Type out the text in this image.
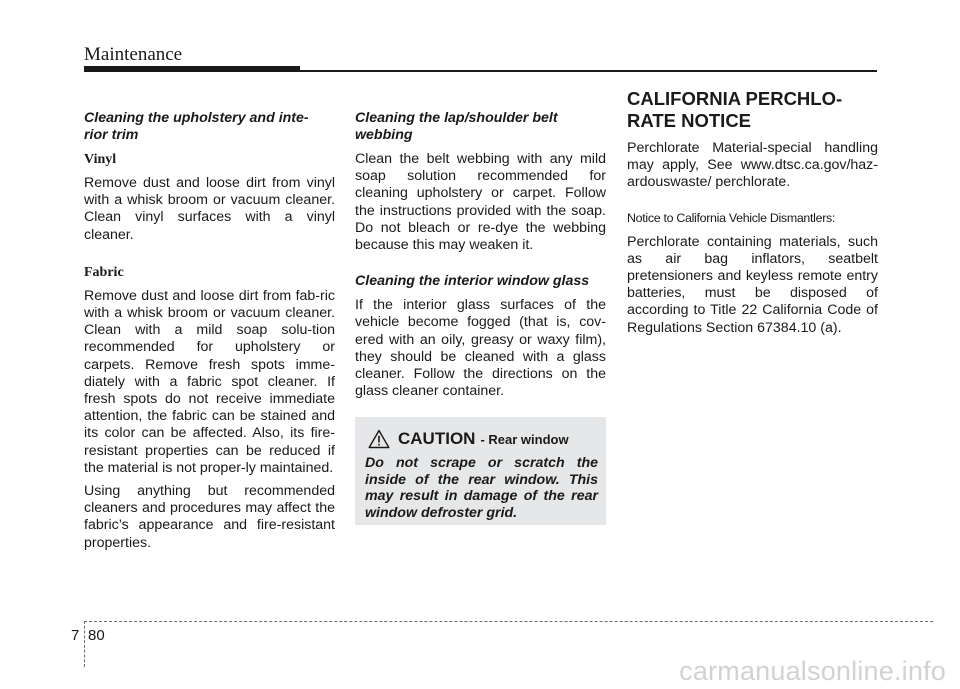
Maintenance
Cleaning the upholstery and inte-
rior trim
Vinyl

Remove dust and loose dirt from vinyl with a whisk broom or vacuum cleaner. Clean vinyl surfaces with a vinyl cleaner.

Fabric

Remove dust and loose dirt from fab-ric with a whisk broom or vacuum cleaner. Clean with a mild soap solu-tion recommended for upholstery or carpets. Remove fresh spots imme-diately with a fabric spot cleaner. If fresh spots do not receive immediate attention, the fabric can be stained and its color can be affected. Also, its fire-resistant properties can be reduced if the material is not proper-ly maintained.

Using anything but recommended cleaners and procedures may affect the fabric’s appearance and fire-resistant properties.

Cleaning the lap/shoulder belt
webbing

Clean the belt webbing with any mild soap solution recommended for cleaning upholstery or carpet. Follow the instructions provided with the soap. Do not bleach or re-dye the webbing because this may weaken it.

Cleaning the interior window glass

If the interior glass surfaces of the vehicle become fogged (that is, cov-ered with an oily, greasy or waxy film), they should be cleaned with a glass cleaner. Follow the directions on the glass cleaner container.

CAUTION - Rear window

Do not scrape or scratch the inside of the rear window. This may result in damage of the rear window defroster grid.

CALIFORNIA PERCHLO-
RATE NOTICE

Perchlorate Material-special handling may apply, See www.dtsc.ca.gov/haz-ardouswaste/ perchlorate.

Notice to California Vehicle Dismantlers:

Perchlorate containing materials, such as air bag inflators, seatbelt pretensioners and keyless remote entry batteries, must be disposed of according to Title 22 California Code of Regulations Section 67384.10 (a).

7 80
carmanualsonline.info
